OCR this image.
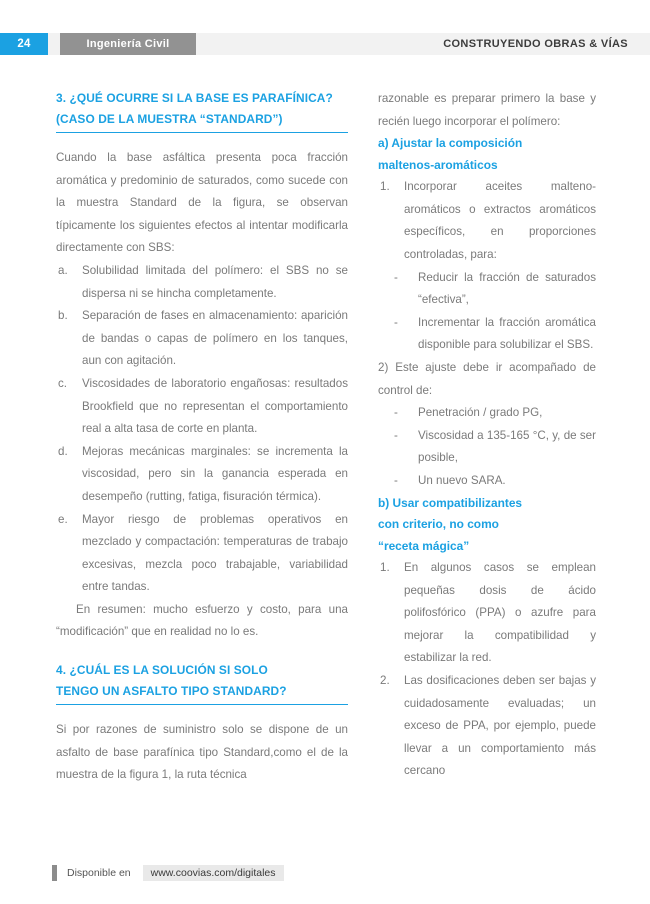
24	Ingeniería Civil	CONSTRUYENDO OBRAS & VÍAS
3. ¿QUÉ OCURRE SI LA BASE ES PARAFÍNICA?
(CASO DE LA MUESTRA “STANDARD”)

Cuando la base asfáltica presenta poca fracción aromática y predominio de saturados, como sucede con la muestra Standard de la figura, se observan típicamente los siguientes efectos al intentar modificarla directamente con SBS:

a.	Solubilidad limitada del polímero: el SBS no se dispersa ni se hincha completamente.
b.	Separación de fases en almacenamiento: aparición de bandas o capas de polímero en los tanques, aun con agitación.
c.	Viscosidades de laboratorio engañosas: resultados Brookfield que no representan el comportamiento real a alta tasa de corte en planta.
d.	Mejoras mecánicas marginales: se incrementa la viscosidad, pero sin la ganancia esperada en desempeño (rutting, fatiga, fisuración térmica).
e.	Mayor riesgo de problemas operativos en mezclado y compactación: temperaturas de trabajo excesivas, mezcla poco trabajable, variabilidad entre tandas.

En resumen: mucho esfuerzo y costo, para una “modificación” que en realidad no lo es.

4. ¿CUÁL ES LA SOLUCIÓN SI SOLO
TENGO UN ASFALTO TIPO STANDARD?

Si por razones de suministro solo se dispone de un asfalto de base parafínica tipo Standard,como el de la muestra de la figura 1, la ruta técnica

razonable es preparar primero la base y recién luego incorporar el polímero:

a) Ajustar la composición
maltenos-aromáticos
1.	Incorporar aceites malteno-aromáticos o extractos aromáticos específicos, en proporciones controladas, para:
-	Reducir la fracción de saturados “efectiva”,
-	Incrementar la fracción aromática disponible para solubilizar el SBS.

2) Este ajuste debe ir acompañado de control de:

-	Penetración / grado PG,
-	Viscosidad a 135-165 °C, y, de ser posible,
-	Un nuevo SARA.
b) Usar compatibilizantes
con criterio, no como
“receta mágica”
1.	En algunos casos se emplean pequeñas dosis de ácido polifosfórico (PPA) o azufre para mejorar la compatibilidad y estabilizar la red.
2.	Las dosificaciones deben ser bajas y cuidadosamente evaluadas; un exceso de PPA, por ejemplo, puede llevar a un comportamiento más cercano
Disponible en	www.coovias.com/digitales
